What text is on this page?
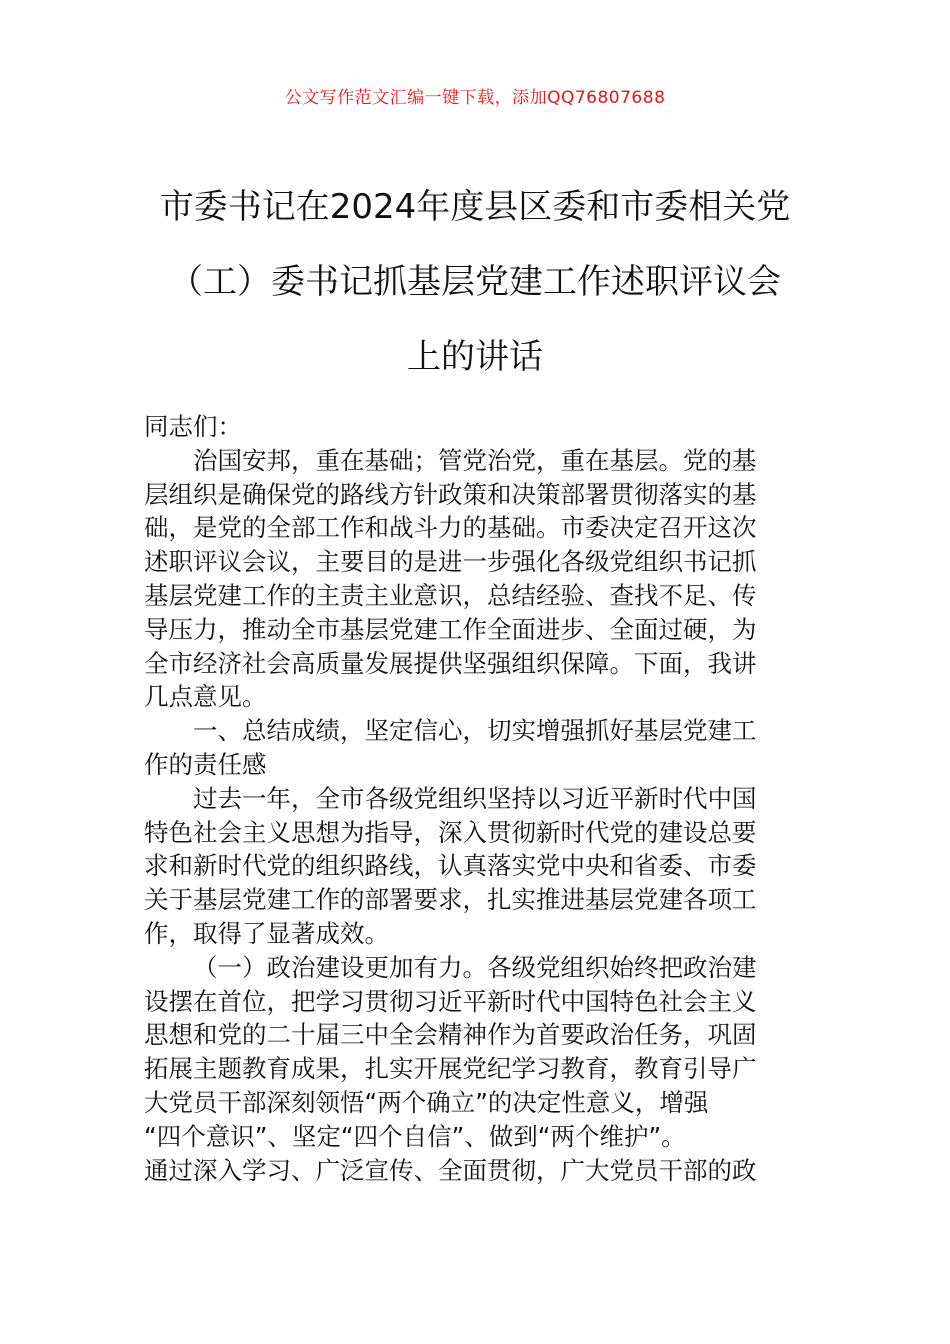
公文写作范文汇编一键下载，添加QQ76807688
市委书记在2024年度县区委和市委相关党
（工）委书记抓基层党建工作述职评议会
上的讲话

同志们：

治国安邦，重在基础；管党治党，重在基层。党的基
层组织是确保党的路线方针政策和决策部署贯彻落实的基
础，是党的全部工作和战斗力的基础。市委决定召开这次
述职评议会议，主要目的是进一步强化各级党组织书记抓
基层党建工作的主责主业意识，总结经验、查找不足、传
导压力，推动全市基层党建工作全面进步、全面过硬，为
全市经济社会高质量发展提供坚强组织保障。下面，我讲
几点意见。

一、总结成绩，坚定信心，切实增强抓好基层党建工
作的责任感

过去一年，全市各级党组织坚持以习近平新时代中国
特色社会主义思想为指导，深入贯彻新时代党的建设总要
求和新时代党的组织路线，认真落实党中央和省委、市委
关于基层党建工作的部署要求，扎实推进基层党建各项工
作，取得了显著成效。

（一）政治建设更加有力。各级党组织始终把政治建
设摆在首位，把学习贯彻习近平新时代中国特色社会主义
思想和党的二十届三中全会精神作为首要政治任务，巩固
拓展主题教育成果，扎实开展党纪学习教育，教育引导广
大党员干部深刻领悟“两个确立”的决定性意义，增强
“四个意识”、坚定“四个自信”、做到“两个维护”。
通过深入学习、广泛宣传、全面贯彻，广大党员干部的政
